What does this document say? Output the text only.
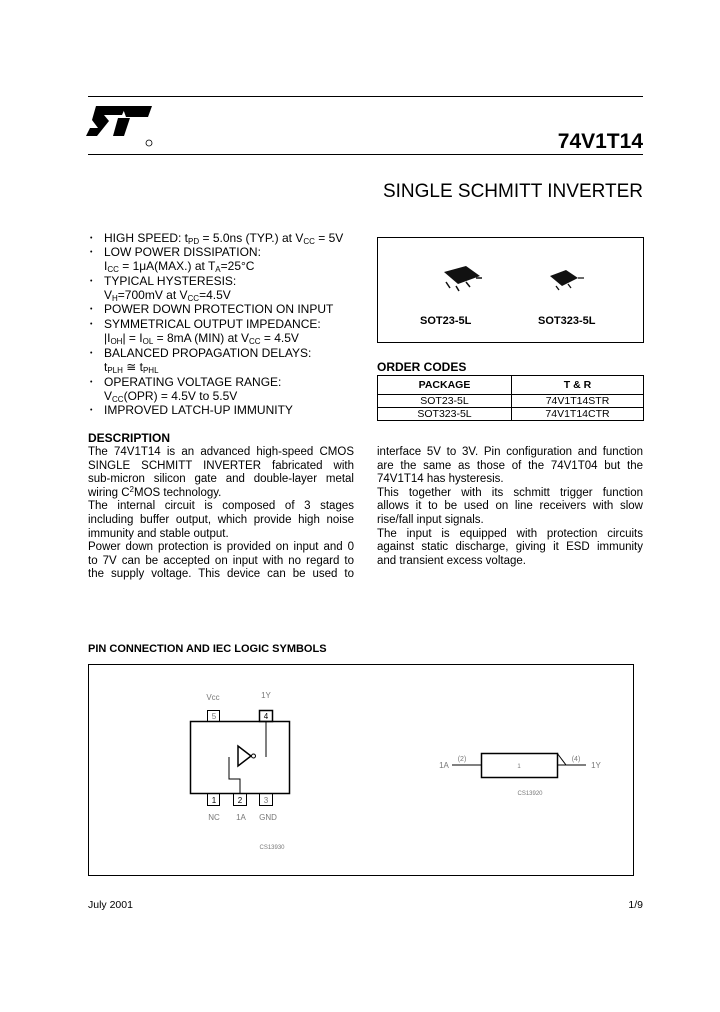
74V1T14
SINGLE SCHMITT INVERTER
• HIGH SPEED: $t_{PD} = 5.0ns$ (TYP.) at $V_{CC} = 5V$
• LOW POWER DISSIPATION:
$I_{CC} = 1\mu A(MAX.)$ at $T_A=25^\circ C$
• TYPICAL HYSTERESIS:
$V_H=700mV$ at $V_{CC}=4.5V$
• POWER DOWN PROTECTION ON INPUT
• SYMMETRICAL OUTPUT IMPEDANCE:
$|I_{OH}| = I_{OL} = 8mA$ (MIN) at $V_{CC} = 4.5V$
• BALANCED PROPAGATION DELAYS:
$t_{PLH}$ ≅ $t_{PHL}$
• OPERATING VOLTAGE RANGE:
$V_{CC}(OPR) = 4.5V$ to 5.5V
• IMPROVED LATCH-UP IMMUNITY
SOT23-5L	SOT323-5L
ORDER CODES
PACKAGE	T & R
SOT23-5L	74V1T14STR
SOT323-5L	74V1T14CTR
DESCRIPTION
The 74V1T14 is an advanced high-speed CMOS
SINGLE SCHMITT INVERTER fabricated with
sub-micron silicon gate and double-layer metal
wiring $C^2MOS$ technology.
The internal circuit is composed of 3 stages
including buffer output, which provide high noise
immunity and stable output.
Power down protection is provided on input and 0
to 7V can be accepted on input with no regard to
the supply voltage. This device can be used to
interface 5V to 3V. Pin configuration and function
are the same as those of the 74V1T04 but the
74V1T14 has hysteresis.
This together with its schmitt trigger function
allows it to be used on line receivers with slow
rise/fall input signals.
The input is equipped with protection circuits
against static discharge, giving it ESD immunity
and transient excess voltage.
PIN CONNECTION AND IEC LOGIC SYMBOLS
Vcc	1Y
5	4
1	2	3
NC 1A GND
CS13930
1A
(2)	(4)
1Y
1
CS13920
July 2001	1/9
